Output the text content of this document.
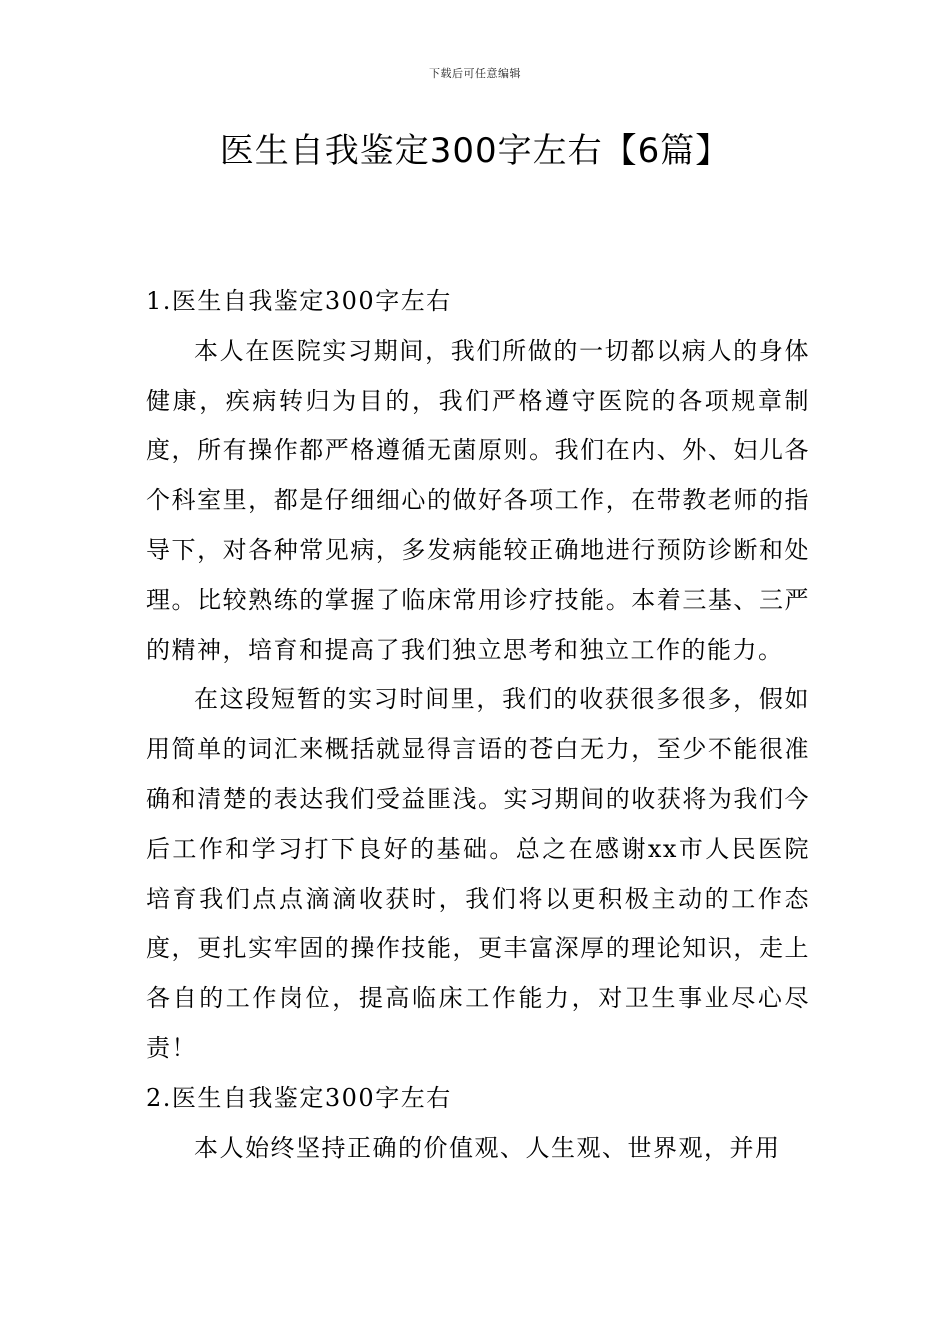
下载后可任意编辑
医生自我鉴定300字左右【6篇】
1.医生自我鉴定300字左右

本人在医院实习期间，我们所做的一切都以病人的身体健康，疾病转归为目的，我们严格遵守医院的各项规章制度，所有操作都严格遵循无菌原则。我们在内、外、妇儿各个科室里，都是仔细细心的做好各项工作，在带教老师的指导下，对各种常见病，多发病能较正确地进行预防诊断和处理。比较熟练的掌握了临床常用诊疗技能。本着三基、三严的精神，培育和提高了我们独立思考和独立工作的能力。

在这段短暂的实习时间里，我们的收获很多很多，假如用简单的词汇来概括就显得言语的苍白无力，至少不能很准确和清楚的表达我们受益匪浅。实习期间的收获将为我们今后工作和学习打下良好的基础。总之在感谢xx市人民医院培育我们点点滴滴收获时，我们将以更积极主动的工作态度，更扎实牢固的操作技能，更丰富深厚的理论知识，走上各自的工作岗位，提高临床工作能力，对卫生事业尽心尽责！

2.医生自我鉴定300字左右

本人始终坚持正确的价值观、人生观、世界观，并用
